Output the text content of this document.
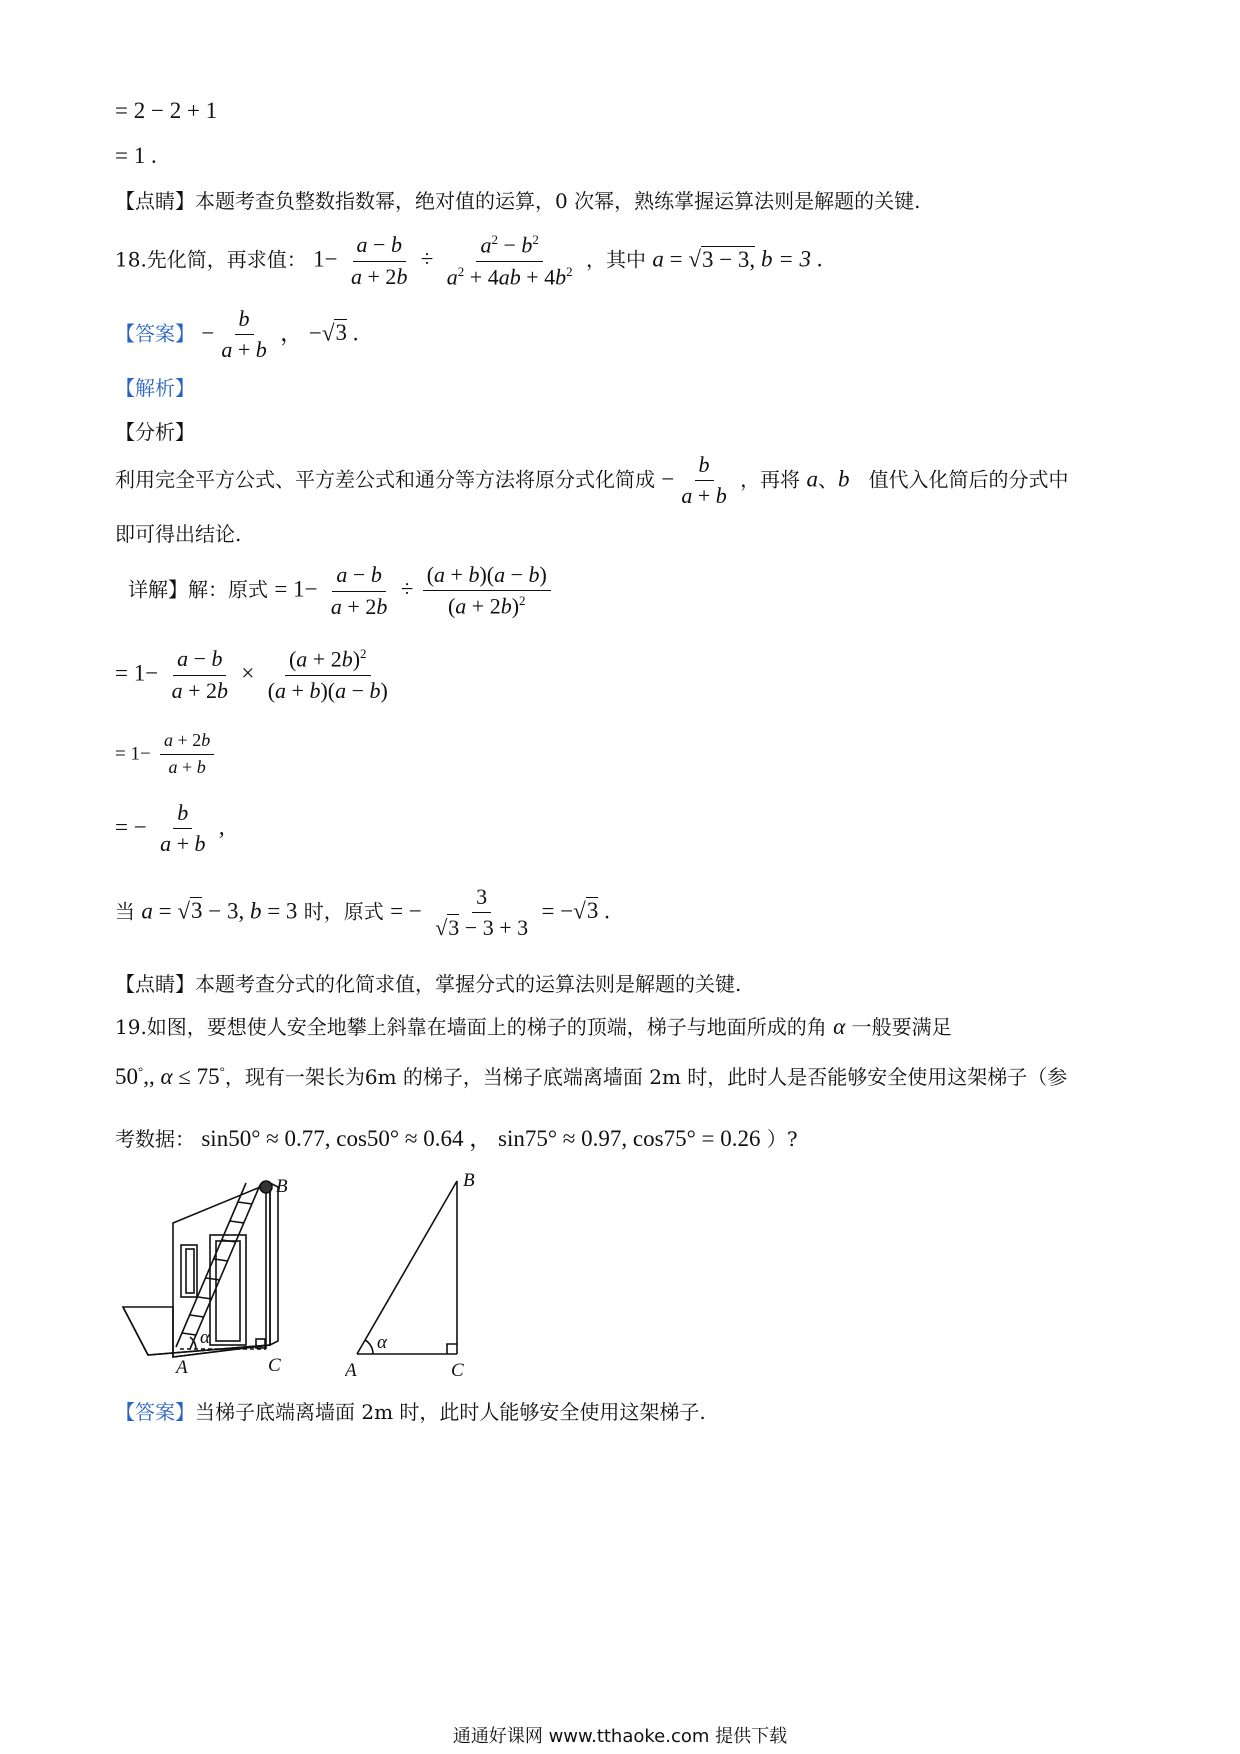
= 2 − 2 + 1
= 1 .
【点睛】本题考查负整数指数幂，绝对值的运算，0 次幂，熟练掌握运算法则是解题的关键.
18.先化简，再求值： $1- \frac{a - b}{a + 2b} \div \frac{a^2 - b^2}{a^2 + 4ab + 4b^2}$ ，其中 a = √3 − 3, b = 3 .
【答案】 − $\frac{b}{a + b}$ ， −√3 .
【解析】
【分析】
利用完全平方公式、平方差公式和通分等方法将原分式化简成 − $\frac{b}{a + b}$ ，再将 a、b 值代入化简后的分式中
即可得出结论.
详解】解：原式 = $1- \frac{a - b}{a + 2b} \div \frac{(a + b)(a - b)}{(a + 2b)^2}$
= $1- \frac{a - b}{a + 2b} \times \frac{(a + 2b)^2}{(a + b)(a - b)}$
= $1- \frac{a + 2b}{a + b}$
= − $\frac{b}{a + b}$ ,
当 a = √3 − 3, b = 3 时，原式 = − $\frac{3}{√3 - 3 + 3} = -√3$ .
【点睛】本题考查分式的化简求值，掌握分式的运算法则是解题的关键.
19.如图，要想使人安全地攀上斜靠在墙面上的梯子的顶端，梯子与地面所成的角 α 一般要满足
50°,, α ≤ 75°，现有一架长为6m 的梯子，当梯子底端离墙面 2m 时，此时人是否能够安全使用这架梯子（参
考数据： sin50° ≈ 0.77, cos50° ≈ 0.64 ， sin75° ≈ 0.97, cos75° = 0.26 ）?
α
B
A	C
α
B
A	C
【答案】当梯子底端离墙面 2m 时，此时人能够安全使用这架梯子.
通通好课网 www.tthaoke.com 提供下载
